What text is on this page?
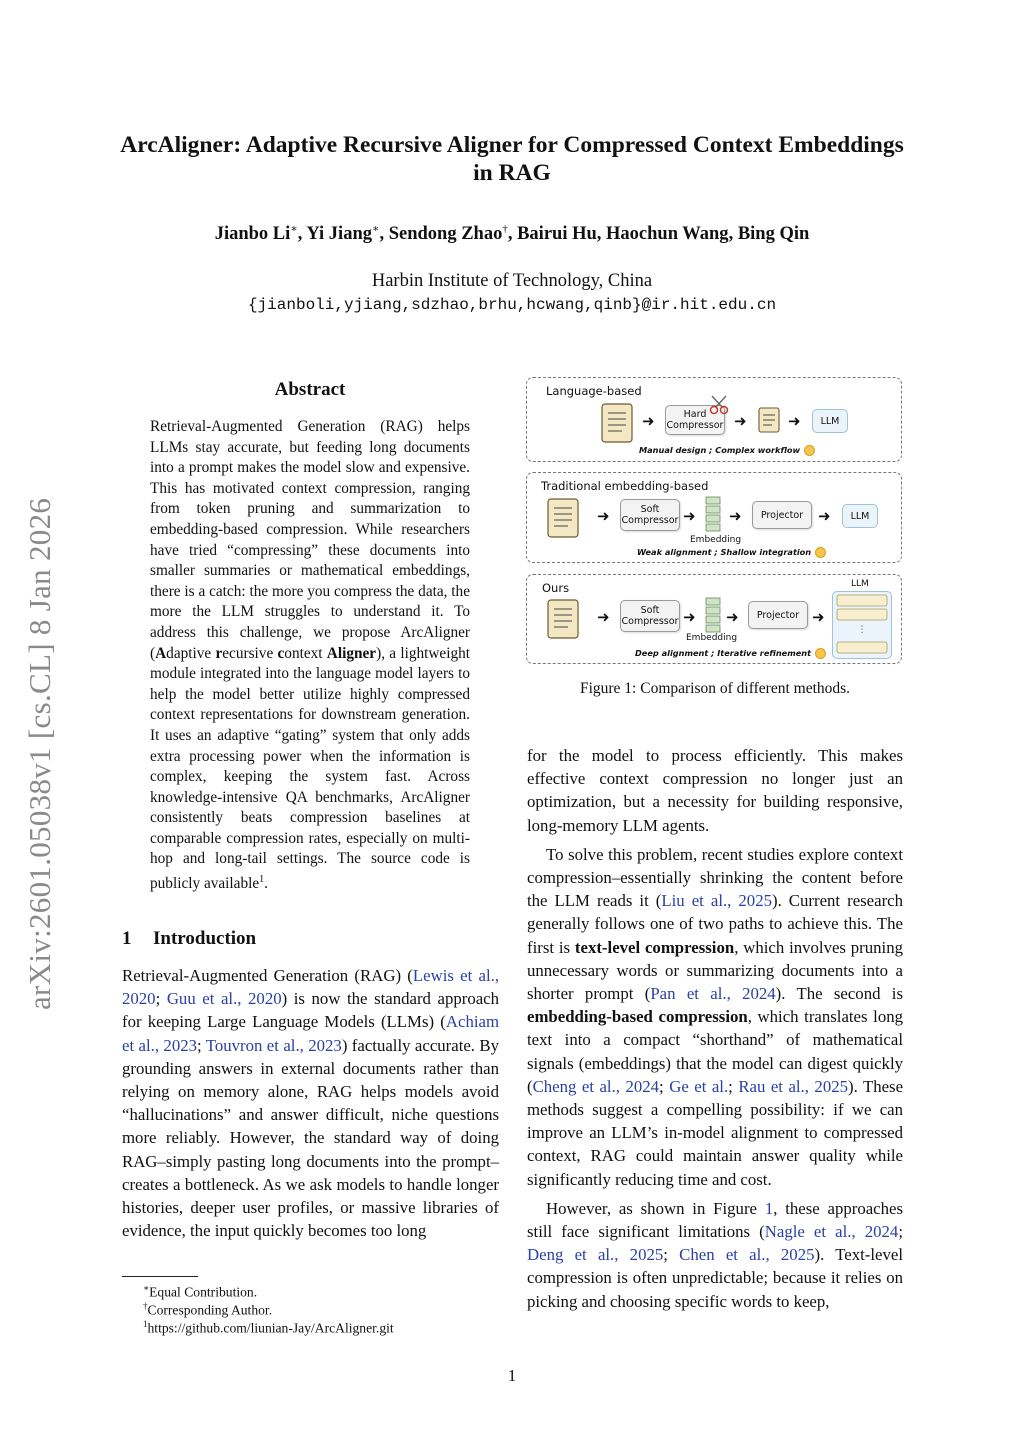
ArcAligner: Adaptive Recursive Aligner for Compressed Context Embeddings in RAG
Jianbo Li∗, Yi Jiang∗, Sendong Zhao†, Bairui Hu, Haochun Wang, Bing Qin
Harbin Institute of Technology, China
{jianboli,yjiang,sdzhao,brhu,hcwang,qinb}@ir.hit.edu.cn
arXiv:2601.05038v1 [cs.CL] 8 Jan 2026
Abstract
Retrieval-Augmented Generation (RAG) helps LLMs stay accurate, but feeding long documents into a prompt makes the model slow and expensive. This has motivated context compression, ranging from token pruning and summarization to embedding-based compression. While researchers have tried “compressing” these documents into smaller summaries or mathematical embeddings, there is a catch: the more you compress the data, the more the LLM struggles to understand it. To address this challenge, we propose ArcAligner (Adaptive recursive context Aligner), a lightweight module integrated into the language model layers to help the model better utilize highly compressed context representations for downstream generation. It uses an adaptive “gating” system that only adds extra processing power when the information is complex, keeping the system fast. Across knowledge-intensive QA benchmarks, ArcAligner consistently beats compression baselines at comparable compression rates, especially on multi-hop and long-tail settings. The source code is publicly available$^1$.
1 Introduction

Retrieval-Augmented Generation (RAG) (Lewis et al., 2020; Guu et al., 2020) is now the standard approach for keeping Large Language Models (LLMs) (Achiam et al., 2023; Touvron et al., 2023) factually accurate. By grounding answers in external documents rather than relying on memory alone, RAG helps models avoid “hallucinations” and answer difficult, niche questions more reliably. However, the standard way of doing RAG–simply pasting long documents into the prompt–creates a bottleneck. As we ask models to handle longer histories, deeper user profiles, or massive libraries of evidence, the input quickly becomes too long

for the model to process efficiently. This makes effective context compression no longer just an optimization, but a necessity for building responsive, long-memory LLM agents.

To solve this problem, recent studies explore context compression–essentially shrinking the content before the LLM reads it (Liu et al., 2025). Current research generally follows one of two paths to achieve this. The first is text-level compression, which involves pruning unnecessary words or summarizing documents into a shorter prompt (Pan et al., 2024). The second is embedding-based compression, which translates long text into a compact “shorthand” of mathematical signals (embeddings) that the model can digest quickly (Cheng et al., 2024; Ge et al.; Rau et al., 2025). These methods suggest a compelling possibility: if we can improve an LLM’s in-model alignment to compressed context, RAG could maintain answer quality while significantly reducing time and cost.

However, as shown in Figure 1, these approaches still face significant limitations (Nagle et al., 2024; Deng et al., 2025; Chen et al., 2025). Text-level compression is often unpredictable; because it relies on picking and choosing specific words to keep,

∗Equal Contribution.
†Corresponding Author.
$^1$https://github.com/liunian-Jay/ArcAligner.git
1
Language-based
➜	Hard
Compressor ➜	➜	LLM
Manual design ; Complex workflow
Traditional embedding-based
➜	Soft
Compressor ➜
Embedding
➜	Projector ➜	LLM
Weak alignment ; Shallow integration
Ours
➜	Soft
Compressor ➜
Embedding
➜	Projector ➜
LLM
⋮
Deep alignment ; Iterative refinement
Figure 1: Comparison of different methods.
